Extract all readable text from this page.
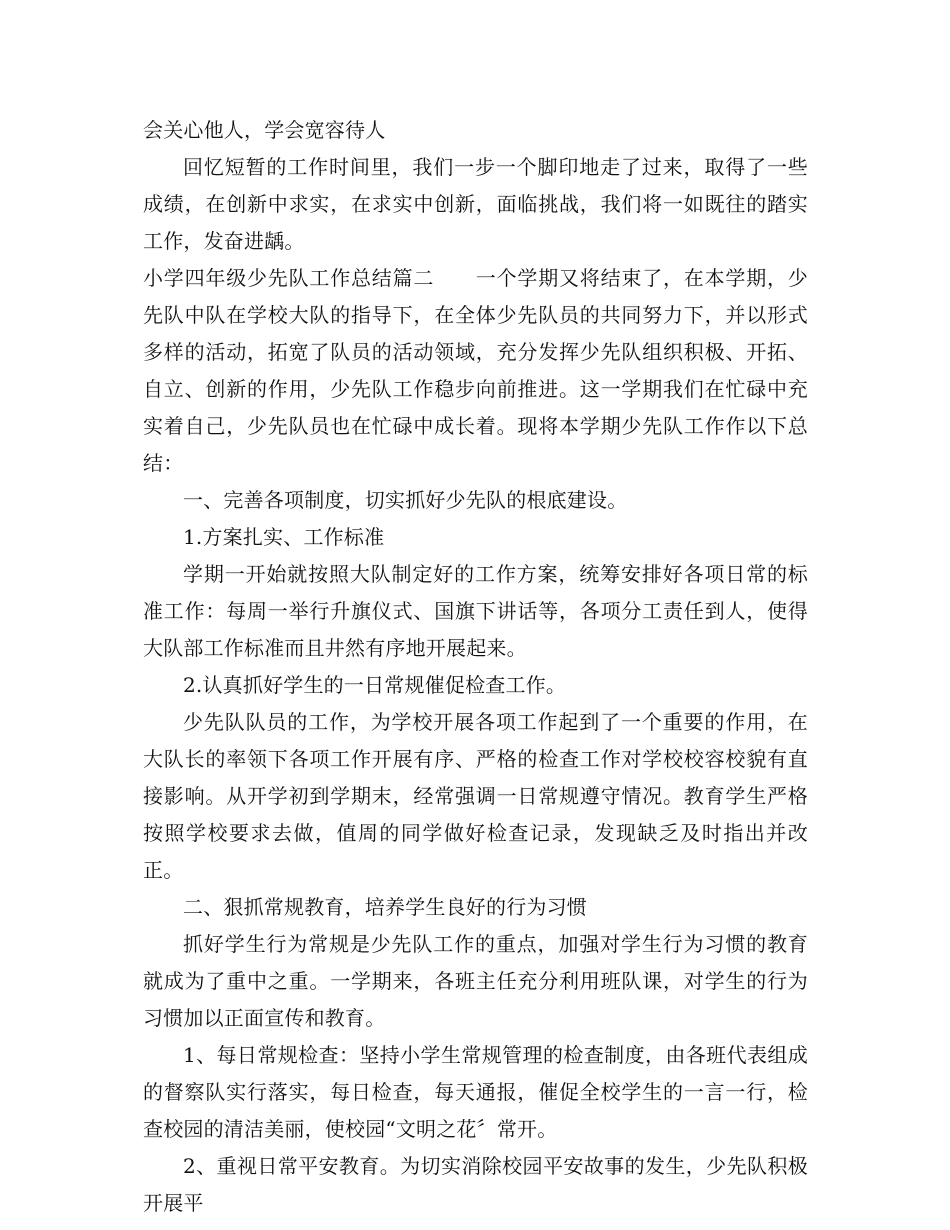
会关心他人，学会宽容待人

回忆短暂的工作时间里，我们一步一个脚印地走了过来，取得了一些成绩，在创新中求实，在求实中创新，面临挑战，我们将一如既往的踏实工作，发奋进龋。

小学四年级少先队工作总结篇二　　一个学期又将结束了，在本学期，少先队中队在学校大队的指导下，在全体少先队员的共同努力下，并以形式多样的活动，拓宽了队员的活动领域，充分发挥少先队组织积极、开拓、自立、创新的作用，少先队工作稳步向前推进。这一学期我们在忙碌中充实着自己，少先队员也在忙碌中成长着。现将本学期少先队工作作以下总结：

一、完善各项制度，切实抓好少先队的根底建设。

1.方案扎实、工作标准

学期一开始就按照大队制定好的工作方案，统筹安排好各项日常的标准工作：每周一举行升旗仪式、国旗下讲话等，各项分工责任到人，使得大队部工作标准而且井然有序地开展起来。

2.认真抓好学生的一日常规催促检查工作。

少先队队员的工作，为学校开展各项工作起到了一个重要的作用，在大队长的率领下各项工作开展有序、严格的检查工作对学校校容校貌有直接影响。从开学初到学期末，经常强调一日常规遵守情况。教育学生严格按照学校要求去做，值周的同学做好检查记录，发现缺乏及时指出并改正。

二、狠抓常规教育，培养学生良好的行为习惯

抓好学生行为常规是少先队工作的重点，加强对学生行为习惯的教育就成为了重中之重。一学期来，各班主任充分利用班队课，对学生的行为习惯加以正面宣传和教育。

1、每日常规检查：坚持小学生常规管理的检查制度，由各班代表组成的督察队实行落实，每日检查，每天通报，催促全校学生的一言一行，检查校园的清洁美丽，使校园“文明之花〞常开。

2、重视日常平安教育。为切实消除校园平安故事的发生，少先队积极开展平
